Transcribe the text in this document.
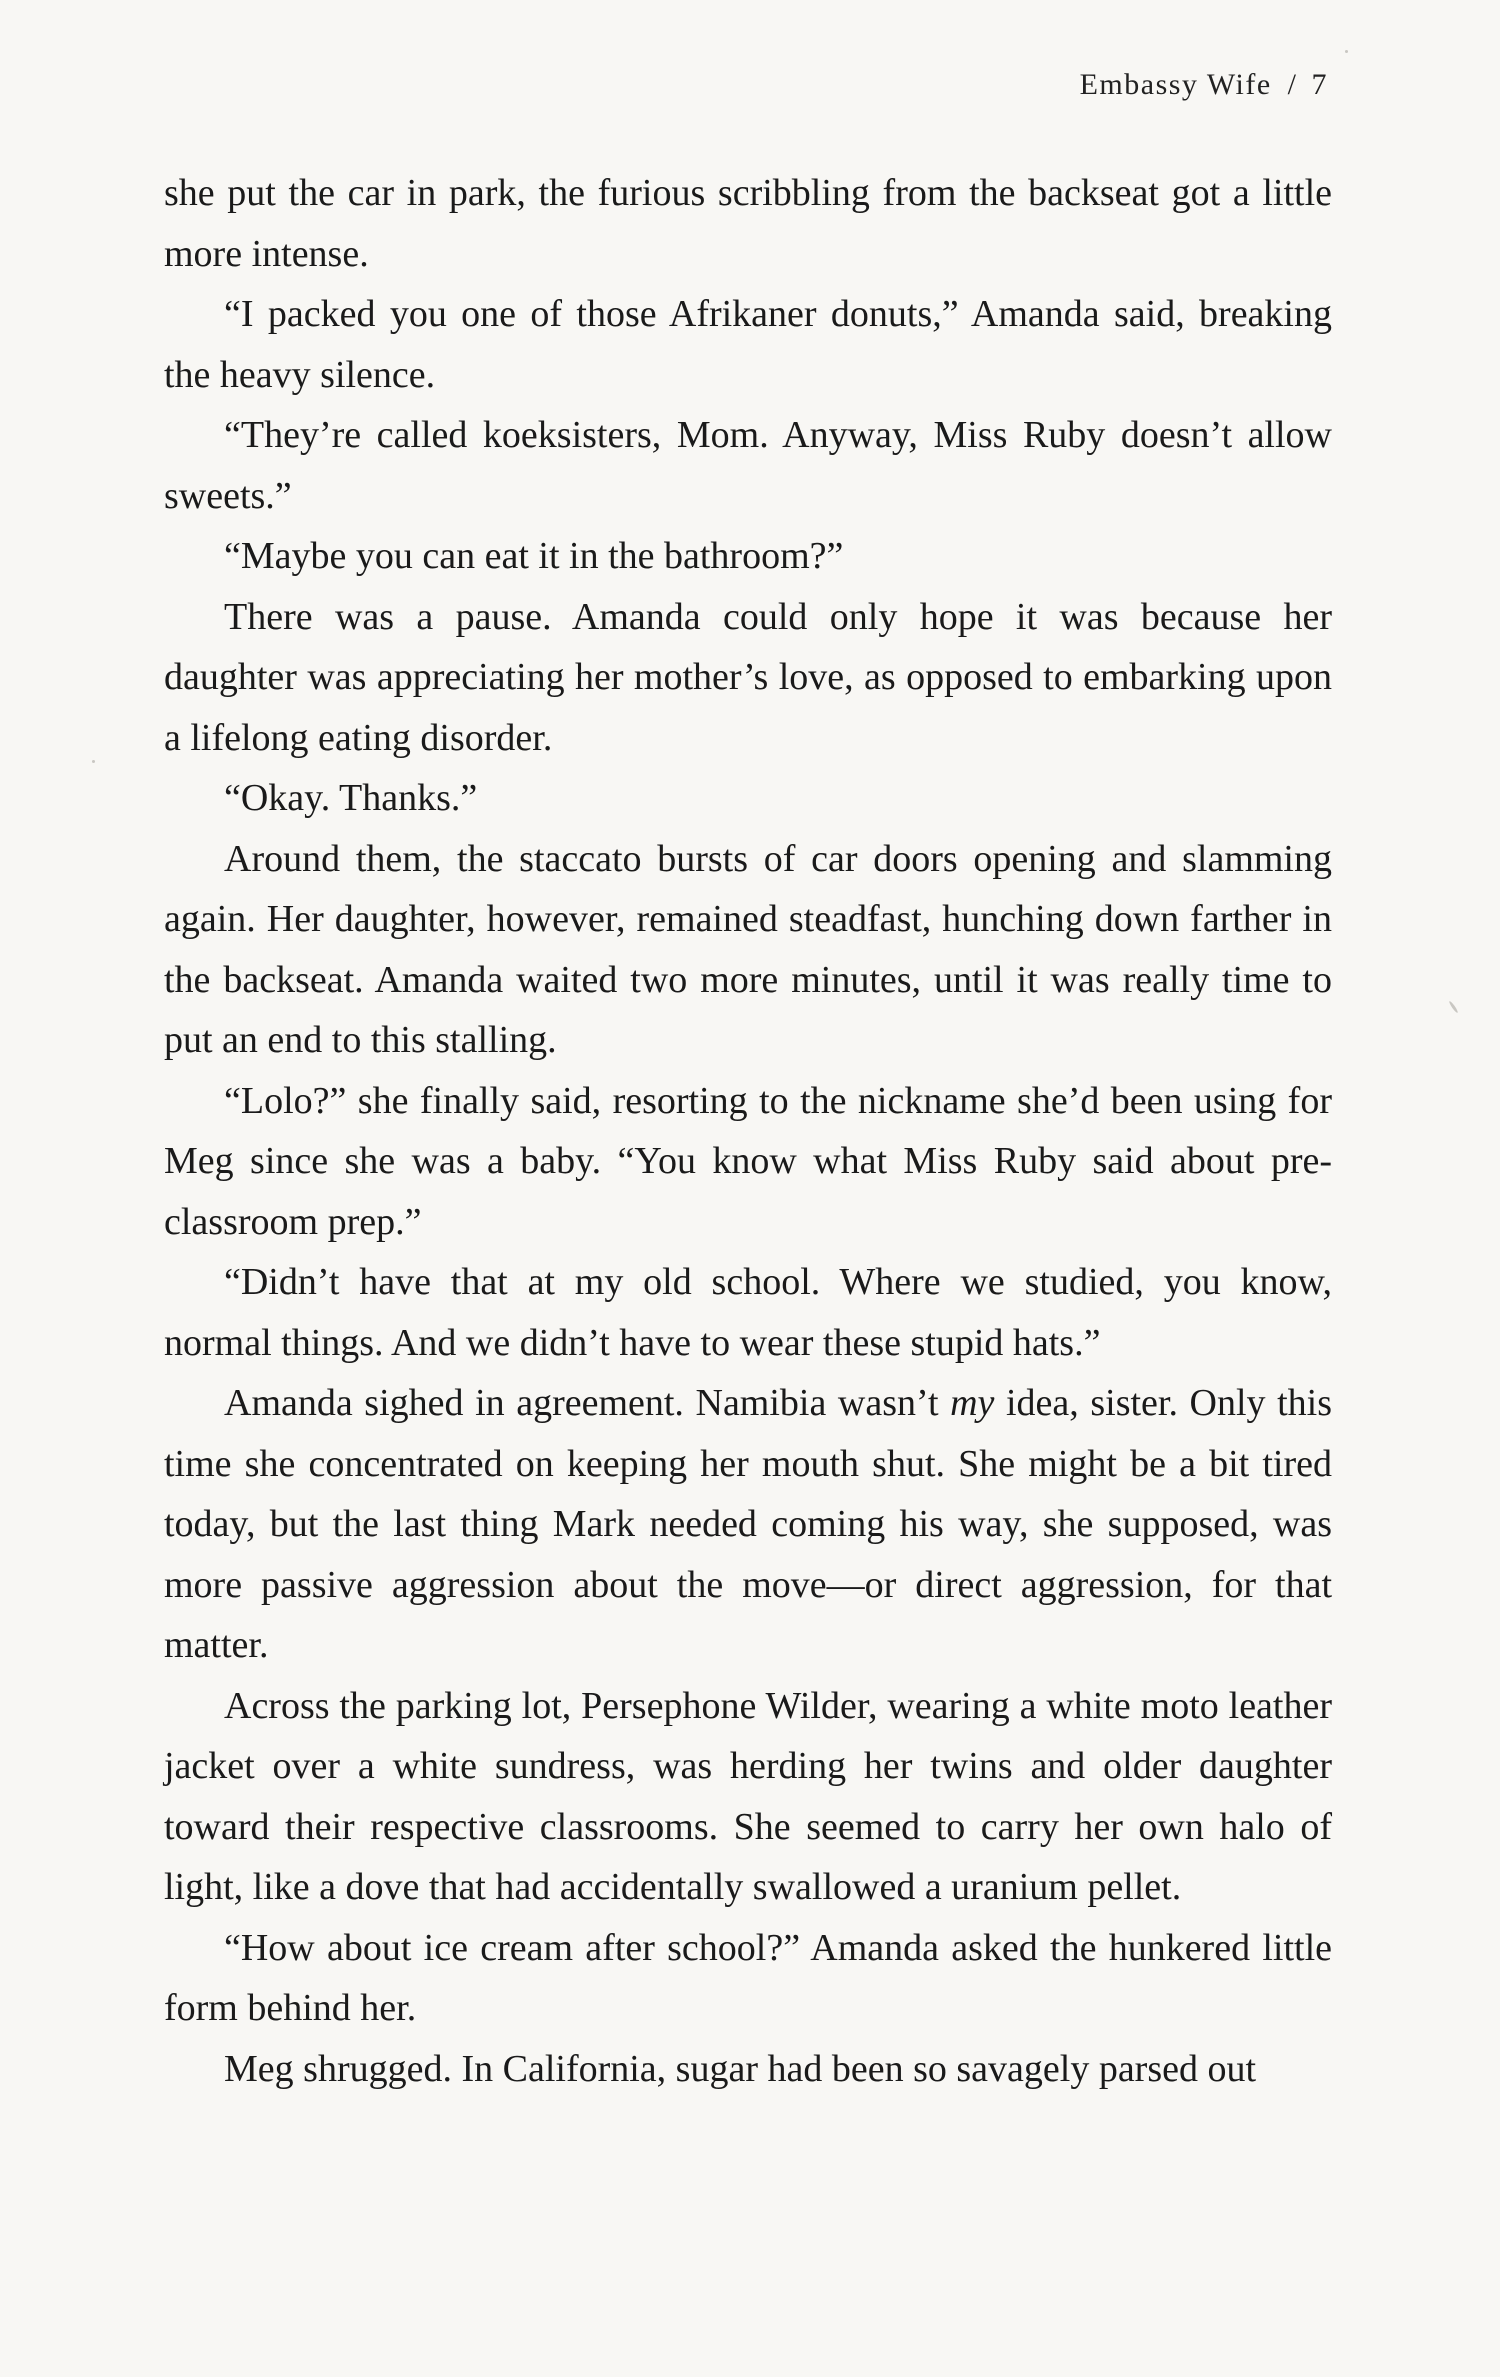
Embassy Wife / 7

she put the car in park, the furious scribbling from the backseat got a little more intense.

“I packed you one of those Afrikaner donuts,” Amanda said, breaking the heavy silence.

“They’re called koeksisters, Mom. Anyway, Miss Ruby doesn’t allow sweets.”

“Maybe you can eat it in the bathroom?”

There was a pause. Amanda could only hope it was because her daughter was appreciating her mother’s love, as opposed to embarking upon a lifelong eating disorder.

“Okay. Thanks.”

Around them, the staccato bursts of car doors opening and slamming again. Her daughter, however, remained steadfast, hunching down farther in the backseat. Amanda waited two more minutes, until it was really time to put an end to this stalling.

“Lolo?” she finally said, resorting to the nickname she’d been using for Meg since she was a baby. “You know what Miss Ruby said about pre-classroom prep.”

“Didn’t have that at my old school. Where we studied, you know, normal things. And we didn’t have to wear these stupid hats.”

Amanda sighed in agreement. Namibia wasn’t my idea, sister. Only this time she concentrated on keeping her mouth shut. She might be a bit tired today, but the last thing Mark needed coming his way, she supposed, was more passive aggression about the move—or direct aggression, for that matter.

Across the parking lot, Persephone Wilder, wearing a white moto leather jacket over a white sundress, was herding her twins and older daughter toward their respective classrooms. She seemed to carry her own halo of light, like a dove that had accidentally swallowed a uranium pellet.

“How about ice cream after school?” Amanda asked the hunkered little form behind her.

Meg shrugged. In California, sugar had been so savagely parsed out
